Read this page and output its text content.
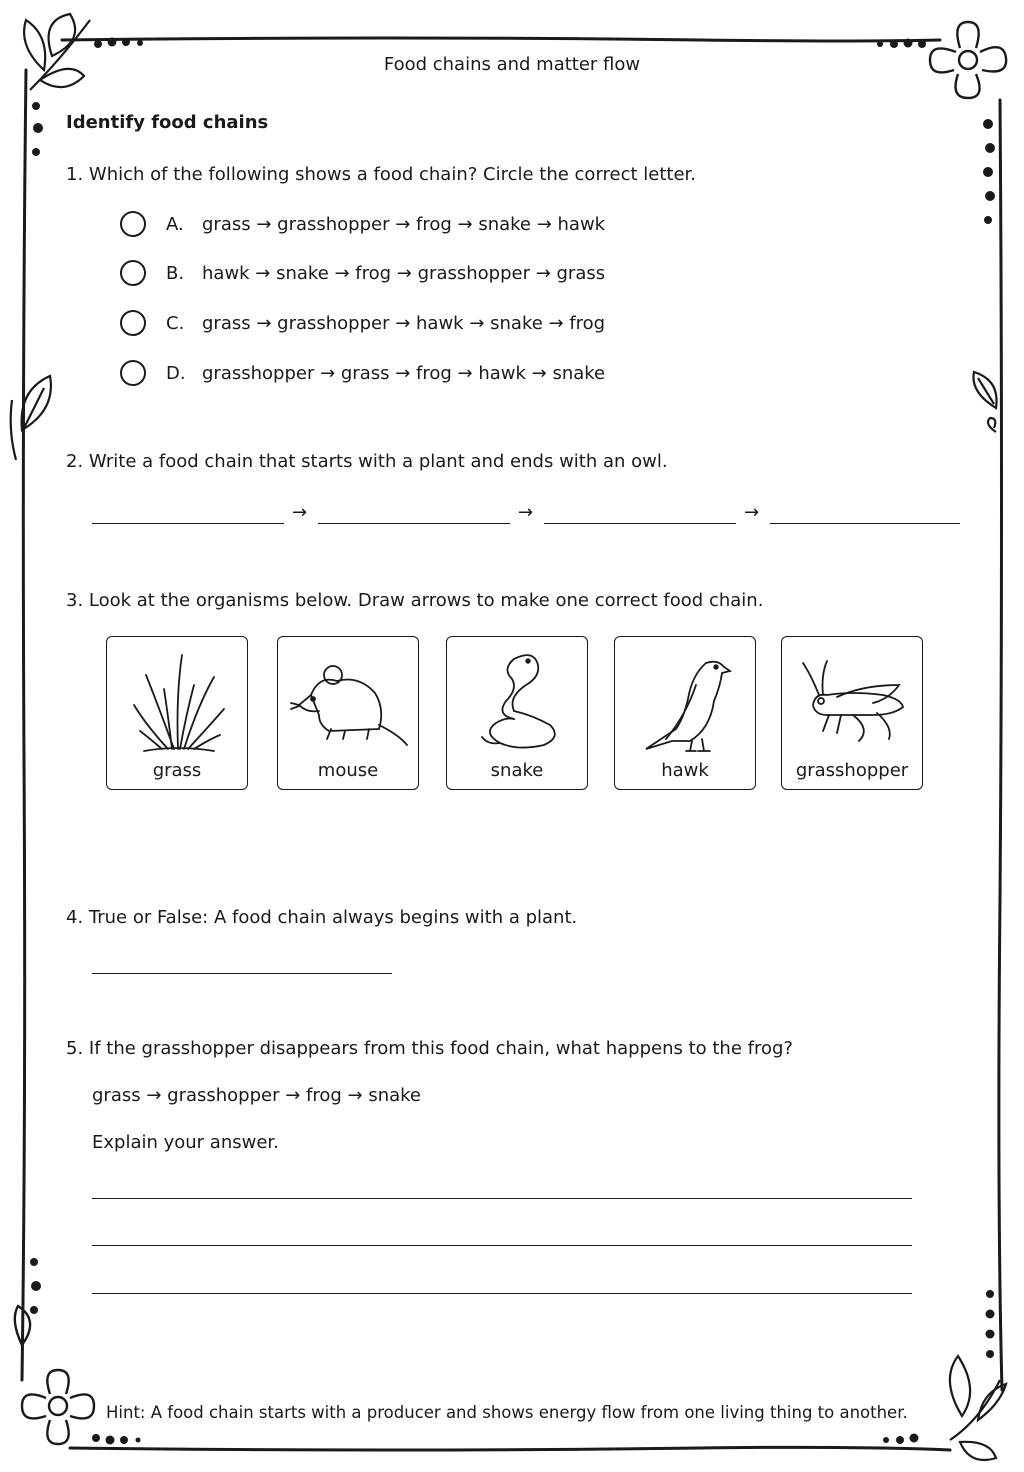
Food chains and matter flow
Identify food chains
1. Which of the following shows a food chain? Circle the correct letter.
A.	grass → grasshopper → frog → snake → hawk
B. hawk → snake → frog → grasshopper → grass
C. grass → grasshopper → hawk → snake → frog
D. grasshopper → grass → frog → hawk → snake
2. Write a food chain that starts with a plant and ends with an owl.
→	→	→
3. Look at the organisms below. Draw arrows to make one correct food chain.
grass	mouse	snake	hawk	grasshopper
4. True or False: A food chain always begins with a plant.
5. If the grasshopper disappears from this food chain, what happens to the frog?
grass → grasshopper → frog → snake
Explain your answer.
Hint: A food chain starts with a producer and shows energy flow from one living thing to another.
